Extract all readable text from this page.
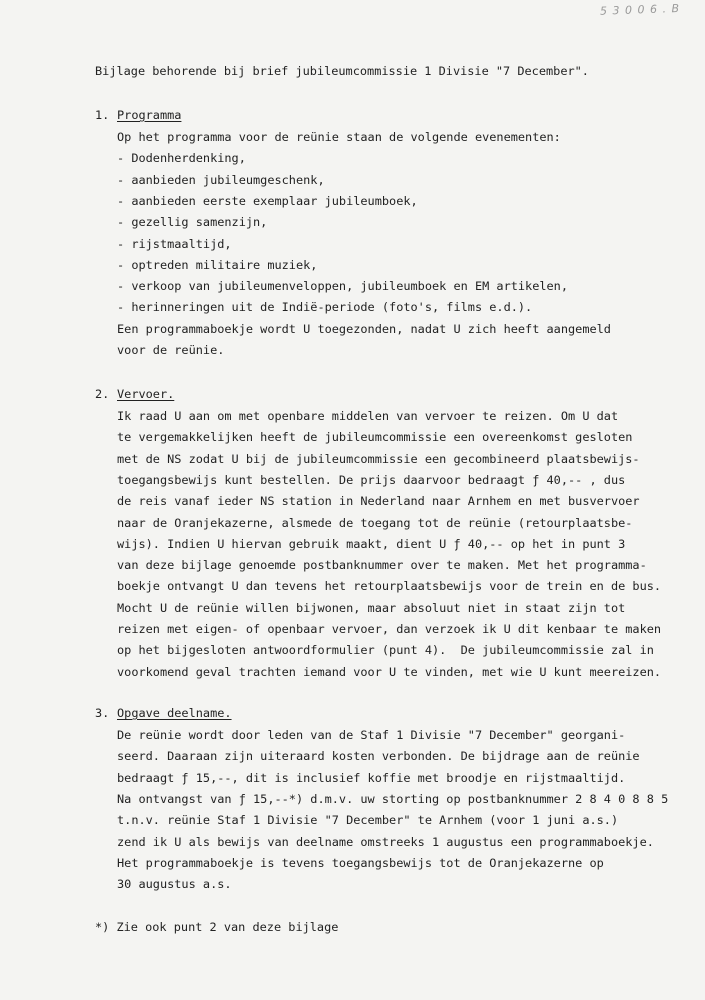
5 3 0 0 6 . B
Bijlage behorende bij brief jubileumcommissie 1 Divisie "7 December".
*) Zie ook punt 2 van deze bijlage
1. Programma
Op het programma voor de reünie staan de volgende evenementen:
- Dodenherdenking,
- aanbieden jubileumgeschenk,
- aanbieden eerste exemplaar jubileumboek,
- gezellig samenzijn,
- rijstmaaltijd,
- optreden militaire muziek,
- verkoop van jubileumenveloppen, jubileumboek en EM artikelen,
- herinneringen uit de Indië-periode (foto's, films e.d.).
Een programmaboekje wordt U toegezonden, nadat U zich heeft aangemeld
voor de reünie.
2. Vervoer.
Ik raad U aan om met openbare middelen van vervoer te reizen. Om U dat
te vergemakkelijken heeft de jubileumcommissie een overeenkomst gesloten
met de NS zodat U bij de jubileumcommissie een gecombineerd plaatsbewijs-
toegangsbewijs kunt bestellen. De prijs daarvoor bedraagt ƒ 40,-- , dus
de reis vanaf ieder NS station in Nederland naar Arnhem en met busvervoer
naar de Oranjekazerne, alsmede de toegang tot de reünie (retourplaatsbe-
wijs). Indien U hiervan gebruik maakt, dient U ƒ 40,-- op het in punt 3
van deze bijlage genoemde postbanknummer over te maken. Met het programma-
boekje ontvangt U dan tevens het retourplaatsbewijs voor de trein en de bus.
Mocht U de reünie willen bijwonen, maar absoluut niet in staat zijn tot
reizen met eigen- of openbaar vervoer, dan verzoek ik U dit kenbaar te maken
op het bijgesloten antwoordformulier (punt 4).  De jubileumcommissie zal in
voorkomend geval trachten iemand voor U te vinden, met wie U kunt meereizen.
3. Opgave deelname.
De reünie wordt door leden van de Staf 1 Divisie "7 December" georgani-
seerd. Daaraan zijn uiteraard kosten verbonden. De bijdrage aan de reünie
bedraagt ƒ 15,--, dit is inclusief koffie met broodje en rijstmaaltijd.
Na ontvangst van ƒ 15,--*) d.m.v. uw storting op postbanknummer 2 8 4 0 8 8 5
t.n.v. reünie Staf 1 Divisie "7 December" te Arnhem (voor 1 juni a.s.)
zend ik U als bewijs van deelname omstreeks 1 augustus een programmaboekje.
Het programmaboekje is tevens toegangsbewijs tot de Oranjekazerne op
30 augustus a.s.
